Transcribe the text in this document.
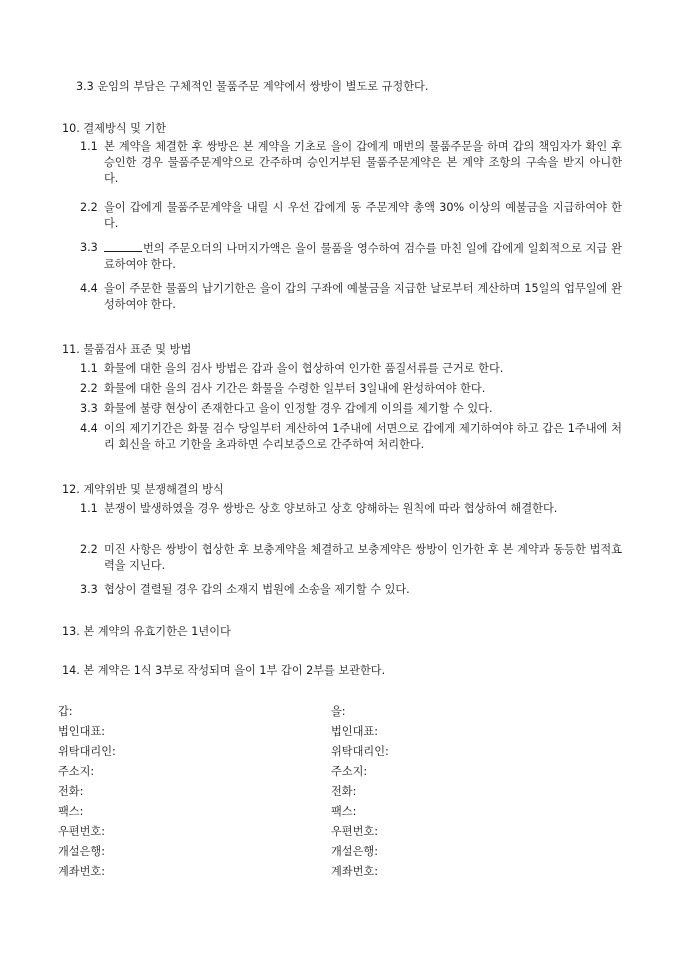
3.3 운임의 부담은 구체적인 물품주문 계약에서 쌍방이 별도로 규정한다.
10. 결제방식 및 기한
1.1 본 계약을 체결한 후 쌍방은 본 계약을 기초로 을이 갑에게 매번의 물품주문을 하며 갑의 책임자가 확인 후 승인한 경우 물품주문계약으로 간주하며 승인거부된 물품주문계약은 본 계약 조항의 구속을 받지 아니한다.
2.2 을이 갑에게 물품주문계약을 내릴 시 우선 갑에게 동 주문계약 총액 30% 이상의 예불금을 지급하여야 한다.
3.3	번의 주문오더의 나머지가액은 을이 물품을 영수하여 검수를 마친 일에 갑에게 일회적으로 지급 완료하여야 한다.
4.4 을이 주문한 물품의 납기기한은 을이 갑의 구좌에 예불금을 지급한 날로부터 계산하며 15일의 업무일에 완성하여야 한다.
11. 물품검사 표준 및 방법
1.1 화물에 대한 을의 검사 방법은 갑과 을이 협상하여 인가한 품질서류를 근거로 한다.
2.2 화물에 대한 을의 검사 기간은 화물을 수령한 일부터 3일내에 완성하여야 한다.
3.3 화물에 불량 현상이 존재한다고 을이 인정할 경우 갑에게 이의를 제기할 수 있다.
4.4 이의 제기기간은 화물 검수 당일부터 계산하여 1주내에 서면으로 갑에게 제기하여야 하고 갑은 1주내에 처리 회신을 하고 기한을 초과하면 수리보증으로 간주하여 처리한다.
12. 계약위반 및 분쟁해결의 방식
1.1 분쟁이 발생하였을 경우 쌍방은 상호 양보하고 상호 양해하는 원칙에 따라 협상하여 해결한다.
2.2 미진 사항은 쌍방이 협상한 후 보충계약을 체결하고 보충계약은 쌍방이 인가한 후 본 계약과 동등한 법적효력을 지닌다.
3.3 협상이 결렬될 경우 갑의 소재지 법원에 소송을 제기할 수 있다.
13. 본 계약의 유효기한은 1년이다
14. 본 계약은 1식 3부로 작성되며 을이 1부 갑이 2부를 보관한다.
갑:
법인대표:
위탁대리인:
주소지:
전화:
팩스:
우편번호:
개설은행:
계좌번호:
을:
법인대표:
위탁대리인:
주소지:
전화:
팩스:
우편번호:
개설은행:
계좌번호:
